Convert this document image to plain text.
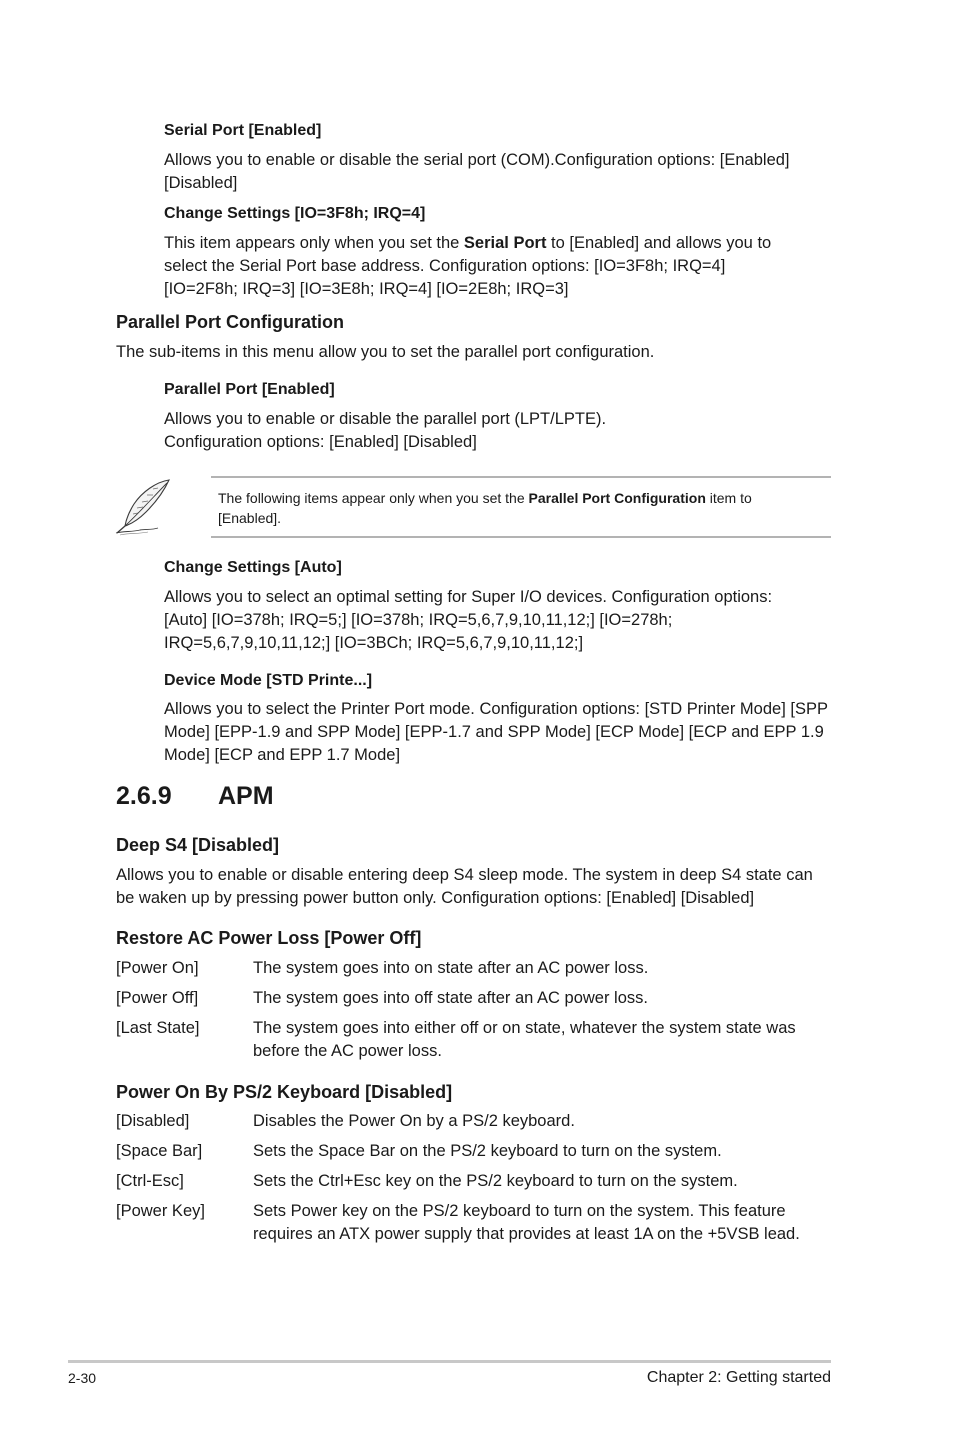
Serial Port [Enabled]
Allows you to enable or disable the serial port (COM).Configuration options: [Enabled] [Disabled]
Change Settings [IO=3F8h; IRQ=4]
This item appears only when you set the Serial Port to [Enabled] and allows you to select the Serial Port base address. Configuration options: [IO=3F8h; IRQ=4] [IO=2F8h; IRQ=3] [IO=3E8h; IRQ=4] [IO=2E8h; IRQ=3]
Parallel Port Configuration
The sub-items in this menu allow you to set the parallel port configuration.
Parallel Port [Enabled]
Allows you to enable or disable the parallel port (LPT/LPTE).
Configuration options: [Enabled] [Disabled]
The following items appear only when you set the Parallel Port Configuration item to [Enabled].
Change Settings [Auto]
Allows you to select an optimal setting for Super I/O devices. Configuration options: [Auto] [IO=378h; IRQ=5;] [IO=378h; IRQ=5,6,7,9,10,11,12;] [IO=278h; IRQ=5,6,7,9,10,11,12;] [IO=3BCh; IRQ=5,6,7,9,10,11,12;]
Device Mode [STD Printe...]
Allows you to select the Printer Port mode. Configuration options: [STD Printer Mode] [SPP Mode] [EPP-1.9 and SPP Mode] [EPP-1.7 and SPP Mode] [ECP Mode] [ECP and EPP 1.9 Mode] [ECP and EPP 1.7 Mode]
2.6.9 APM
Deep S4 [Disabled]
Allows you to enable or disable entering deep S4 sleep mode. The system in deep S4 state can be waken up by pressing power button only. Configuration options: [Enabled] [Disabled]
Restore AC Power Loss [Power Off]
[Power On]	The system goes into on state after an AC power loss.
[Power Off]	The system goes into off state after an AC power loss.
[Last State]	The system goes into either off or on state, whatever the system state was before the AC power loss.
Power On By PS/2 Keyboard [Disabled]
[Disabled]	Disables the Power On by a PS/2 keyboard.
[Space Bar]	Sets the Space Bar on the PS/2 keyboard to turn on the system.
[Ctrl-Esc]	Sets the Ctrl+Esc key on the PS/2 keyboard to turn on the system.
[Power Key]	Sets Power key on the PS/2 keyboard to turn on the system. This feature requires an ATX power supply that provides at least 1A on the +5VSB lead.
2-30	Chapter 2: Getting started
